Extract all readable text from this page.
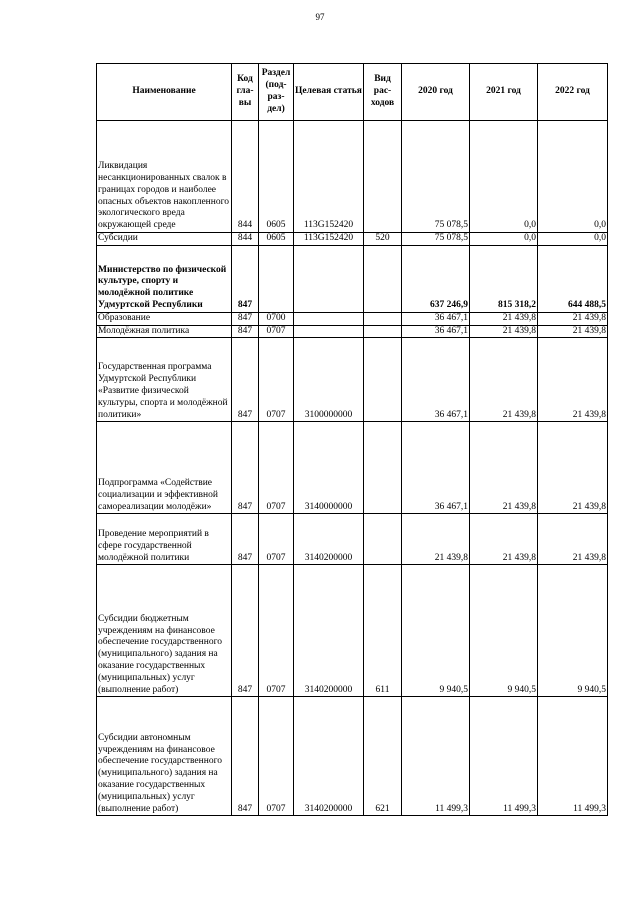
97
Наименование	Код гла-вы	Раздел (под-раз-дел)	Целевая статья	Вид рас-ходов	2020 год	2021 год	2022 год
Ликвидация несанкционированных свалок в границах городов и наиболее опасных объектов накопленного экологического вреда окружающей среде	844	0605	113G152420		75 078,5	0,0	0,0
Субсидии	844	0605	113G152420	520	75 078,5	0,0	0,0
Министерство по физической культуре, спорту и молодёжной политике Удмуртской Республики	847				637 246,9	815 318,2	644 488,5
Образование	847	0700			36 467,1	21 439,8	21 439,8
Молодёжная политика	847	0707			36 467,1	21 439,8	21 439,8
Государственная программа Удмуртской Республики «Развитие физической культуры, спорта и молодёжной политики»	847	0707	3100000000		36 467,1	21 439,8	21 439,8
Подпрограмма «Содействие социализации и эффективной самореализации молодёжи»	847	0707	3140000000		36 467,1	21 439,8	21 439,8
Проведение мероприятий в сфере государственной молодёжной политики	847	0707	3140200000		21 439,8	21 439,8	21 439,8
Субсидии бюджетным учреждениям на финансовое обеспечение государственного (муниципального) задания на оказание государственных (муниципальных) услуг (выполнение работ)	847	0707	3140200000	611	9 940,5	9 940,5	9 940,5
Субсидии автономным учреждениям на финансовое обеспечение государственного (муниципального) задания на оказание государственных (муниципальных) услуг (выполнение работ)	847	0707	3140200000	621	11 499,3	11 499,3	11 499,3
